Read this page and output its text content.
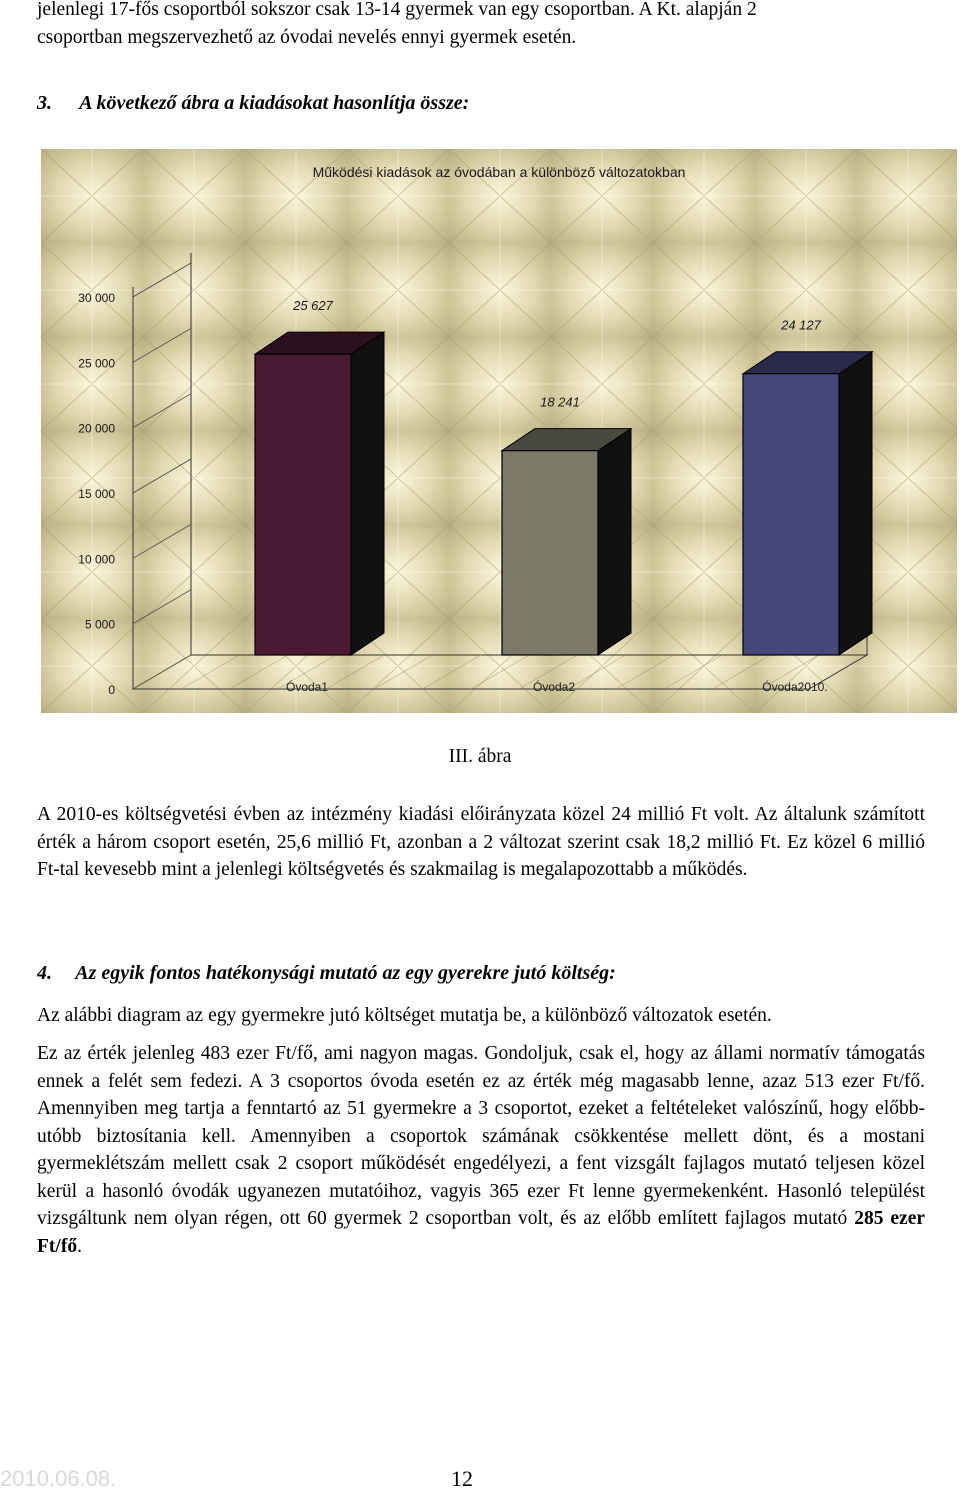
jelenlegi 17-fős csoportból sokszor csak 13-14 gyermek van egy csoportban. A Kt. alapján 2
csoportban megszervezhető az óvodai nevelés ennyi gyermek esetén.
3. A következő ábra a kiadásokat hasonlítja össze:
Működési kiadások az óvodában a különböző változatokban
0
5 000
10 000
15 000
20 000
25 000
30 000
25 627
18 241
24 127
Óvoda1	Óvoda2	Óvoda2010.
III. ábra
A 2010-es költségvetési évben az intézmény kiadási előirányzata közel 24 millió Ft volt. Az általunk számított érték a három csoport esetén, 25,6 millió Ft, azonban a 2 változat szerint csak 18,2 millió Ft. Ez közel 6 millió Ft-tal kevesebb mint a jelenlegi költségvetés és szakmailag is megalapozottabb a működés.
4. Az egyik fontos hatékonysági mutató az egy gyerekre jutó költség:
Az alábbi diagram az egy gyermekre jutó költséget mutatja be, a különböző változatok esetén.
Ez az érték jelenleg 483 ezer Ft/fő, ami nagyon magas. Gondoljuk, csak el, hogy az állami normatív támogatás ennek a felét sem fedezi. A 3 csoportos óvoda esetén ez az érték még magasabb lenne, azaz 513 ezer Ft/fő. Amennyiben meg tartja a fenntartó az 51 gyermekre a 3 csoportot, ezeket a feltételeket valószínű, hogy előbb-utóbb biztosítania kell. Amennyiben a csoportok számának csökkentése mellett dönt, és a mostani gyermeklétszám mellett csak 2 csoport működését engedélyezi, a fent vizsgált fajlagos mutató teljesen közel kerül a hasonló óvodák ugyanezen mutatóihoz, vagyis 365 ezer Ft lenne gyermekenként. Hasonló települést vizsgáltunk nem olyan régen, ott 60 gyermek 2 csoportban volt, és az előbb említett fajlagos mutató 285 ezer Ft/fő.
2010.06.08.	12
